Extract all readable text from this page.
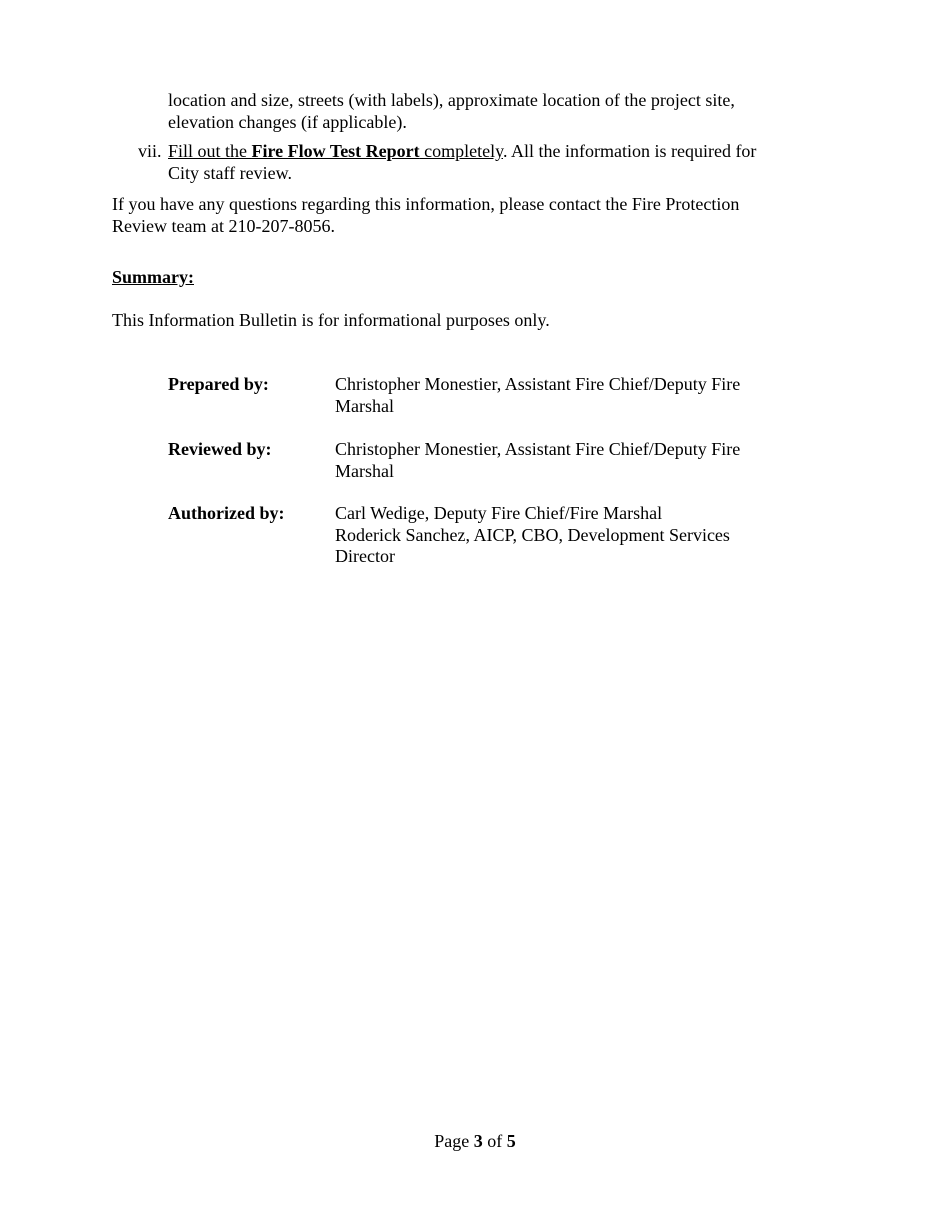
location and size, streets (with labels), approximate location of the project site, elevation changes (if applicable).
vii. Fill out the Fire Flow Test Report completely. All the information is required for City staff review.
If you have any questions regarding this information, please contact the Fire Protection Review team at 210-207-8056.
Summary:
This Information Bulletin is for informational purposes only.
Prepared by:	Christopher Monestier, Assistant Fire Chief/Deputy Fire Marshal
Reviewed by:	Christopher Monestier, Assistant Fire Chief/Deputy Fire Marshal
Authorized by:	Carl Wedige, Deputy Fire Chief/Fire Marshal
Roderick Sanchez, AICP, CBO, Development Services Director
Page 3 of 5
